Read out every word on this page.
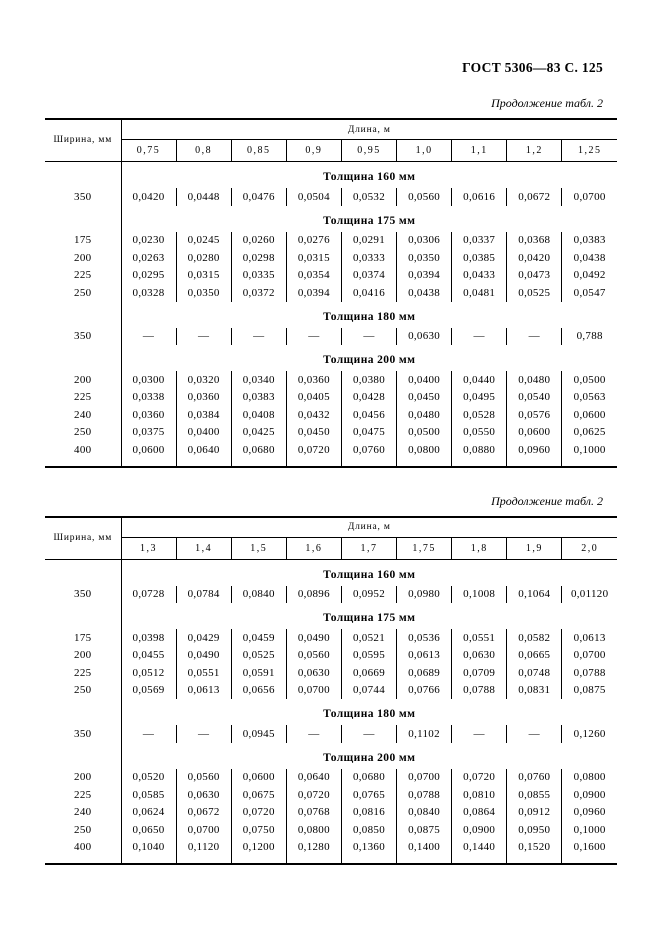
ГОСТ 5306—83 С. 125
Продолжение табл. 2
Ширина, мм	Длина, м								
	0,75	0,8	0,85	0,9	0,95	1,0	1,1	1,2	1,25
	Толщина 160 мм								
350	0,0420	0,0448	0,0476	0,0504	0,0532	0,0560	0,0616	0,0672	0,0700
	Толщина 175 мм								
175	0,0230	0,0245	0,0260	0,0276	0,0291	0,0306	0,0337	0,0368	0,0383
200	0,0263	0,0280	0,0298	0,0315	0,0333	0,0350	0,0385	0,0420	0,0438
225	0,0295	0,0315	0,0335	0,0354	0,0374	0,0394	0,0433	0,0473	0,0492
250	0,0328	0,0350	0,0372	0,0394	0,0416	0,0438	0,0481	0,0525	0,0547
	Толщина 180 мм								
350	—	—	—	—	—	0,0630	—	—	0,788
	Толщина 200 мм								
200	0,0300	0,0320	0,0340	0,0360	0,0380	0,0400	0,0440	0,0480	0,0500
225	0,0338	0,0360	0,0383	0,0405	0,0428	0,0450	0,0495	0,0540	0,0563
240	0,0360	0,0384	0,0408	0,0432	0,0456	0,0480	0,0528	0,0576	0,0600
250	0,0375	0,0400	0,0425	0,0450	0,0475	0,0500	0,0550	0,0600	0,0625
400	0,0600	0,0640	0,0680	0,0720	0,0760	0,0800	0,0880	0,0960	0,1000
Продолжение табл. 2
Ширина, мм	Длина, м								
	1,3	1,4	1,5	1,6	1,7	1,75	1,8	1,9	2,0
	Толщина 160 мм								
350	0,0728	0,0784	0,0840	0,0896	0,0952	0,0980	0,1008	0,1064	0,01120
	Толщина 175 мм								
175	0,0398	0,0429	0,0459	0,0490	0,0521	0,0536	0,0551	0,0582	0,0613
200	0,0455	0,0490	0,0525	0,0560	0,0595	0,0613	0,0630	0,0665	0,0700
225	0,0512	0,0551	0,0591	0,0630	0,0669	0,0689	0,0709	0,0748	0,0788
250	0,0569	0,0613	0,0656	0,0700	0,0744	0,0766	0,0788	0,0831	0,0875
	Толщина 180 мм								
350	—	—	0,0945	—	—	0,1102	—	—	0,1260
	Толщина 200 мм								
200	0,0520	0,0560	0,0600	0,0640	0,0680	0,0700	0,0720	0,0760	0,0800
225	0,0585	0,0630	0,0675	0,0720	0,0765	0,0788	0,0810	0,0855	0,0900
240	0,0624	0,0672	0,0720	0,0768	0,0816	0,0840	0,0864	0,0912	0,0960
250	0,0650	0,0700	0,0750	0,0800	0,0850	0,0875	0,0900	0,0950	0,1000
400	0,1040	0,1120	0,1200	0,1280	0,1360	0,1400	0,1440	0,1520	0,1600
